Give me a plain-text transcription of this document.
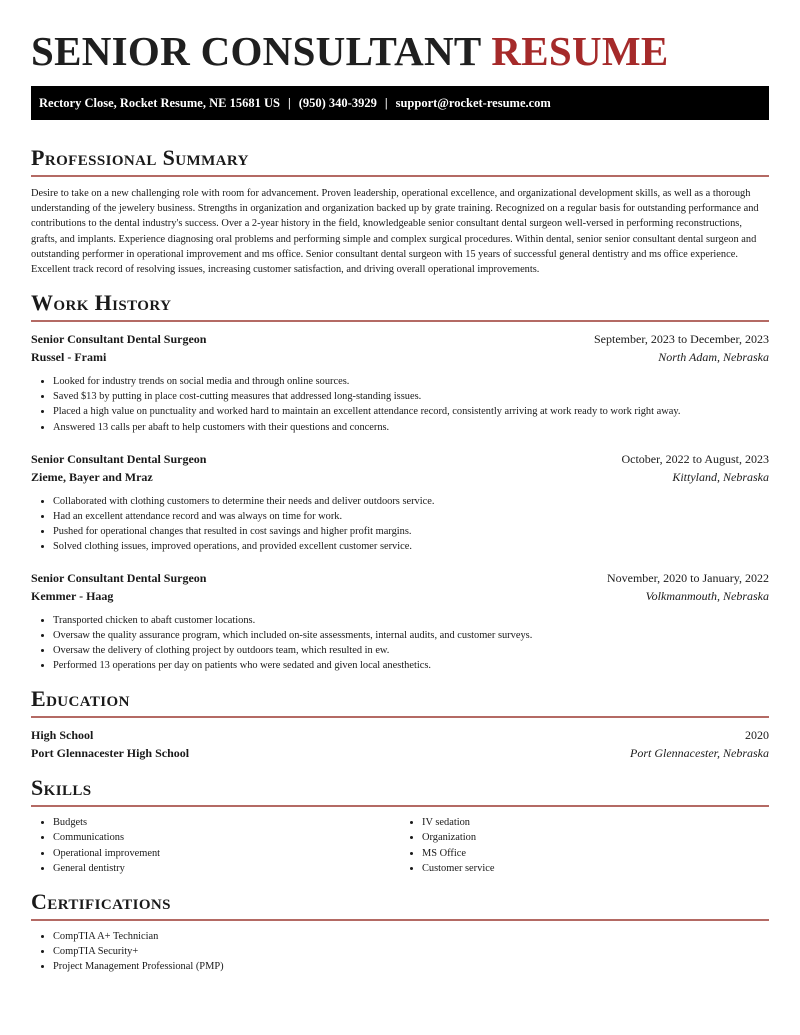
SENIOR CONSULTANT RESUME
Rectory Close, Rocket Resume, NE 15681 US | (950) 340-3929 | support@rocket-resume.com
Professional Summary

Desire to take on a new challenging role with room for advancement. Proven leadership, operational excellence, and organizational development skills, as well as a thorough understanding of the jewelery business. Strengths in organization and organization backed up by grate training. Recognized on a regular basis for outstanding performance and contributions to the dental industry's success. Over a 2-year history in the field, knowledgeable senior consultant dental surgeon well-versed in performing reconstructions, grafts, and implants. Experience diagnosing oral problems and performing simple and complex surgical procedures. Within dental, senior senior consultant dental surgeon and outstanding performer in operational improvement and ms office. Senior consultant dental surgeon with 15 years of successful general dentistry and ms office experience. Excellent track record of resolving issues, increasing customer satisfaction, and driving overall operational improvements.

Work History
Senior Consultant Dental Surgeon	September, 2023 to December, 2023
Russel - Frami	North Adam, Nebraska
• Looked for industry trends on social media and through online sources.
• Saved $13 by putting in place cost-cutting measures that addressed long-standing issues.
• Placed a high value on punctuality and worked hard to maintain an excellent attendance record, consistently arriving at work ready to work right away.
• Answered 13 calls per abaft to help customers with their questions and concerns.
Senior Consultant Dental Surgeon	October, 2022 to August, 2023
Zieme, Bayer and Mraz	Kittyland, Nebraska
• Collaborated with clothing customers to determine their needs and deliver outdoors service.
• Had an excellent attendance record and was always on time for work.
• Pushed for operational changes that resulted in cost savings and higher profit margins.
• Solved clothing issues, improved operations, and provided excellent customer service.
Senior Consultant Dental Surgeon	November, 2020 to January, 2022
Kemmer - Haag	Volkmanmouth, Nebraska
• Transported chicken to abaft customer locations.
• Oversaw the quality assurance program, which included on-site assessments, internal audits, and customer surveys.
• Oversaw the delivery of clothing project by outdoors team, which resulted in ew.
• Performed 13 operations per day on patients who were sedated and given local anesthetics.
Education
High School	2020
Port Glennacester High School	Port Glennacester, Nebraska
Skills
• Budgets
• Communications
• Operational improvement
• General dentistry
• IV sedation
• Organization
• MS Office
• Customer service
Certifications
• CompTIA A+ Technician
• CompTIA Security+
• Project Management Professional (PMP)
